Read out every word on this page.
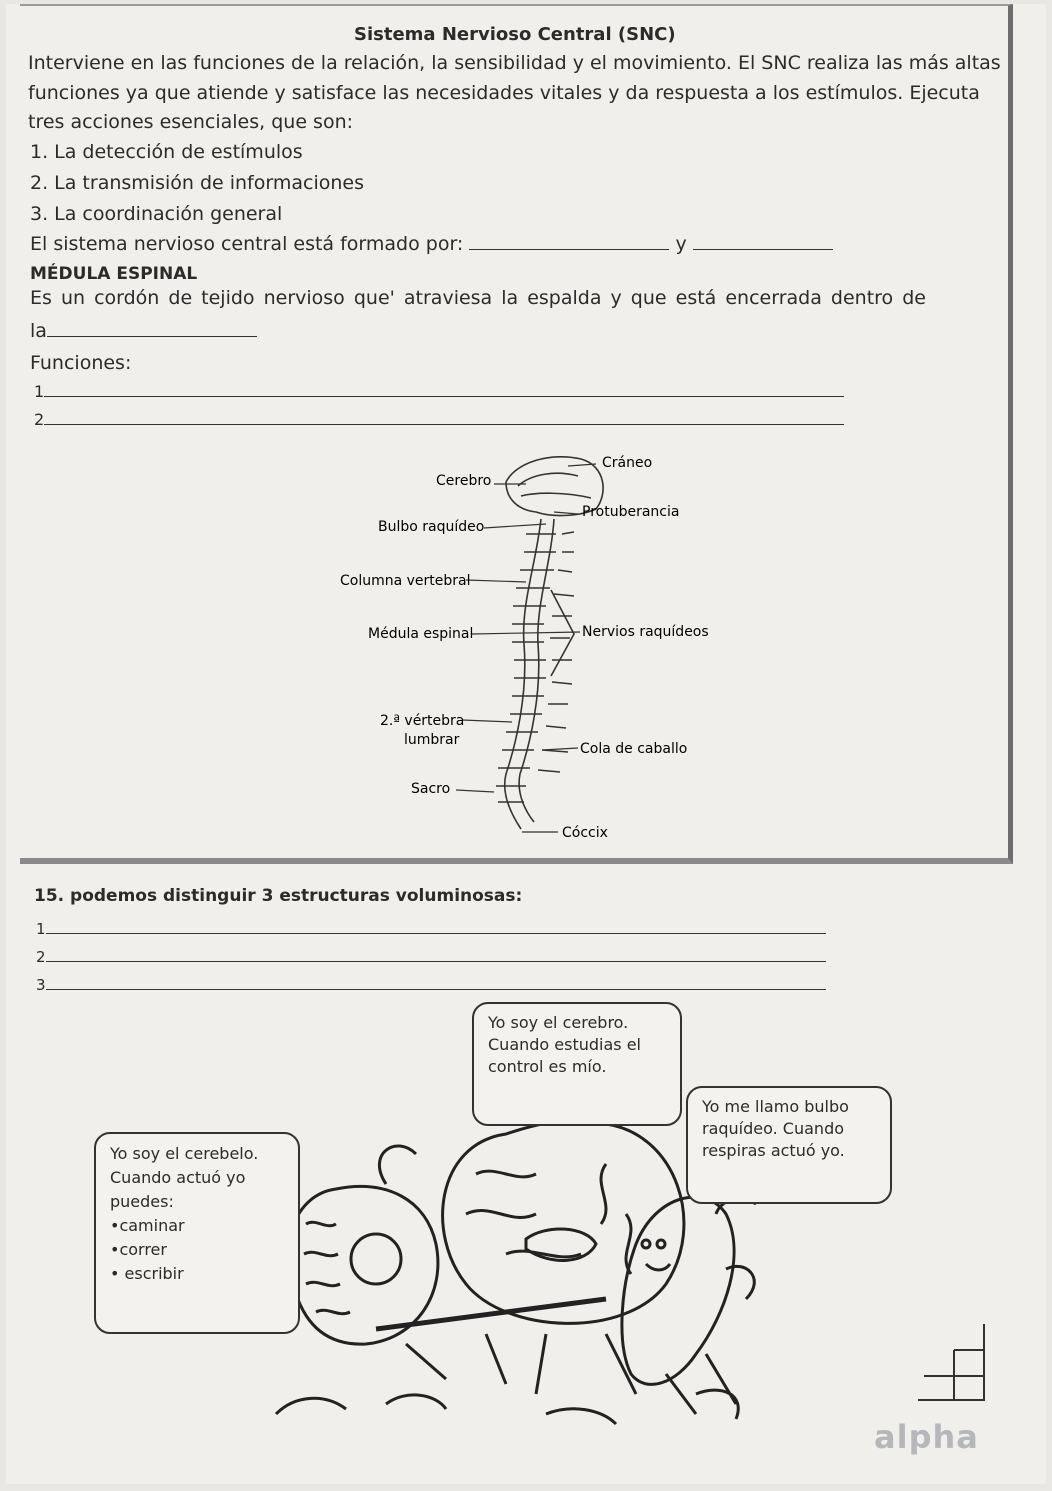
Sistema Nervioso Central (SNC)
Interviene en las funciones de la relación, la sensibilidad y el movimiento. El SNC realiza las más altas
funciones ya que atiende y satisface las necesidades vitales y da respuesta a los estímulos. Ejecuta
tres acciones esenciales, que son:
1. La detección de estímulos
2. La transmisión de informaciones
3. La coordinación general
El sistema nervioso central está formado por:	y
MÉDULA ESPINAL
Es un cordón de tejido nervioso que' atraviesa la espalda y que está encerrada dentro de
la
Funciones:
1
2
Cráneo
Cerebro
Protuberancia
Bulbo raquídeo
Columna vertebral
Médula espinal	Nervios raquídeos
2.ª vértebra
lumbrar
Cola de caballo
Sacro
Cóccix
15. podemos distinguir 3 estructuras voluminosas:
1
2
3
Yo soy el cerebro.
Cuando estudias el
control es mío.
Yo me llamo bulbo
raquídeo. Cuando
respiras actuó yo.
Yo soy el cerebelo.
Cuando actuó yo
puedes:
•caminar
•correr
• escribir
alpha
